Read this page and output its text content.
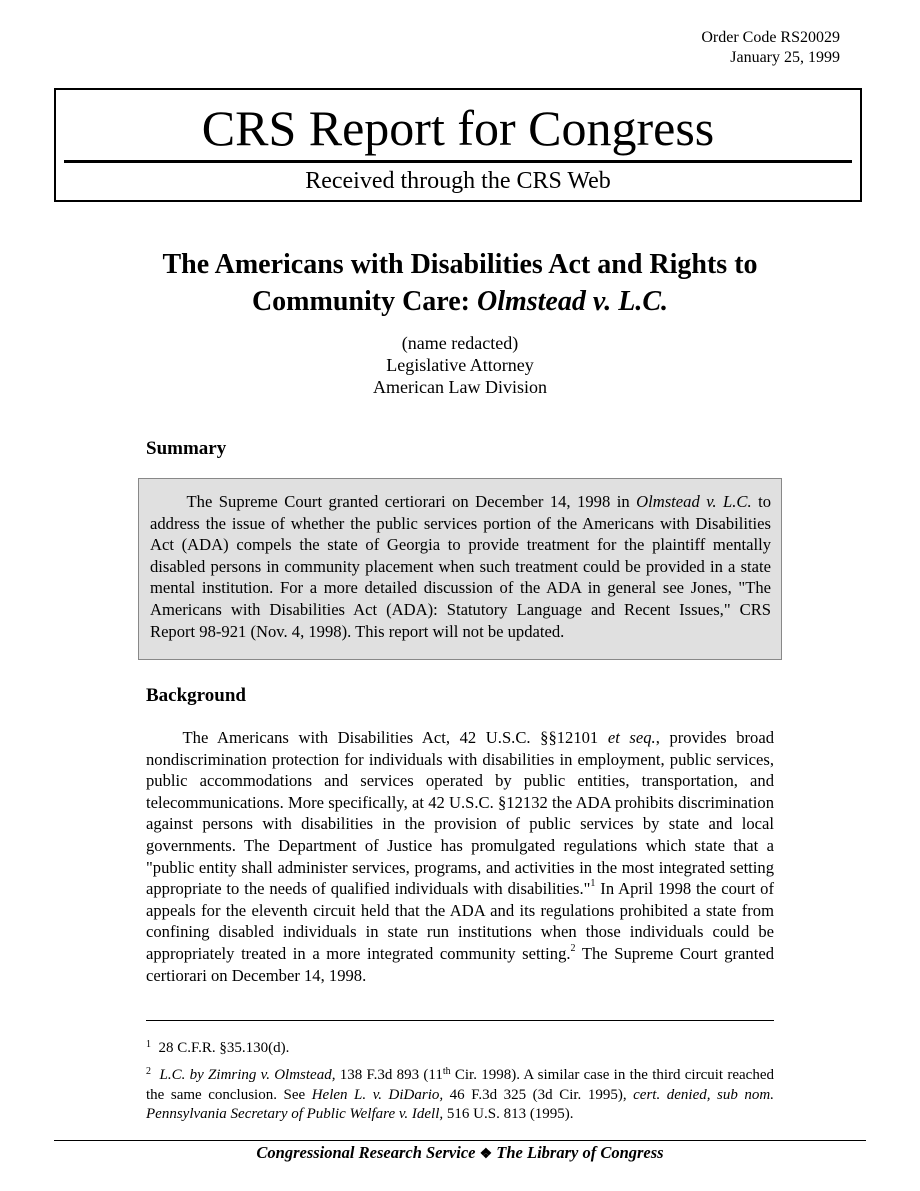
Order Code RS20029
January 25, 1999
CRS Report for Congress
Received through the CRS Web
The Americans with Disabilities Act and Rights to
Community Care: Olmstead v. L.C.
(name redacted)
Legislative Attorney
American Law Division
Summary
The Supreme Court granted certiorari on December 14, 1998 in Olmstead v. L.C. to address the issue of whether the public services portion of the Americans with Disabilities Act (ADA) compels the state of Georgia to provide treatment for the plaintiff mentally disabled persons in community placement when such treatment could be provided in a state mental institution. For a more detailed discussion of the ADA in general see Jones, "The Americans with Disabilities Act (ADA): Statutory Language and Recent Issues," CRS Report 98-921 (Nov. 4, 1998). This report will not be updated.
Background
The Americans with Disabilities Act, 42 U.S.C. §§12101 et seq., provides broad nondiscrimination protection for individuals with disabilities in employment, public services, public accommodations and services operated by public entities, transportation, and telecommunications. More specifically, at 42 U.S.C. §12132 the ADA prohibits discrimination against persons with disabilities in the provision of public services by state and local governments. The Department of Justice has promulgated regulations which state that a "public entity shall administer services, programs, and activities in the most integrated setting appropriate to the needs of qualified individuals with disabilities."$^1$ In April 1998 the court of appeals for the eleventh circuit held that the ADA and its regulations prohibited a state from confining disabled individuals in state run institutions when those individuals could be appropriately treated in a more integrated community setting.$^2$ The Supreme Court granted certiorari on December 14, 1998.
$^1$ 28 C.F.R. §35.130(d).
$^2$ L.C. by Zimring v. Olmstead, 138 F.3d 893 (11th Cir. 1998). A similar case in the third circuit reached the same conclusion. See Helen L. v. DiDario, 46 F.3d 325 (3d Cir. 1995), cert. denied, sub nom. Pennsylvania Secretary of Public Welfare v. Idell, 516 U.S. 813 (1995).
Congressional Research Service ❖ The Library of Congress
